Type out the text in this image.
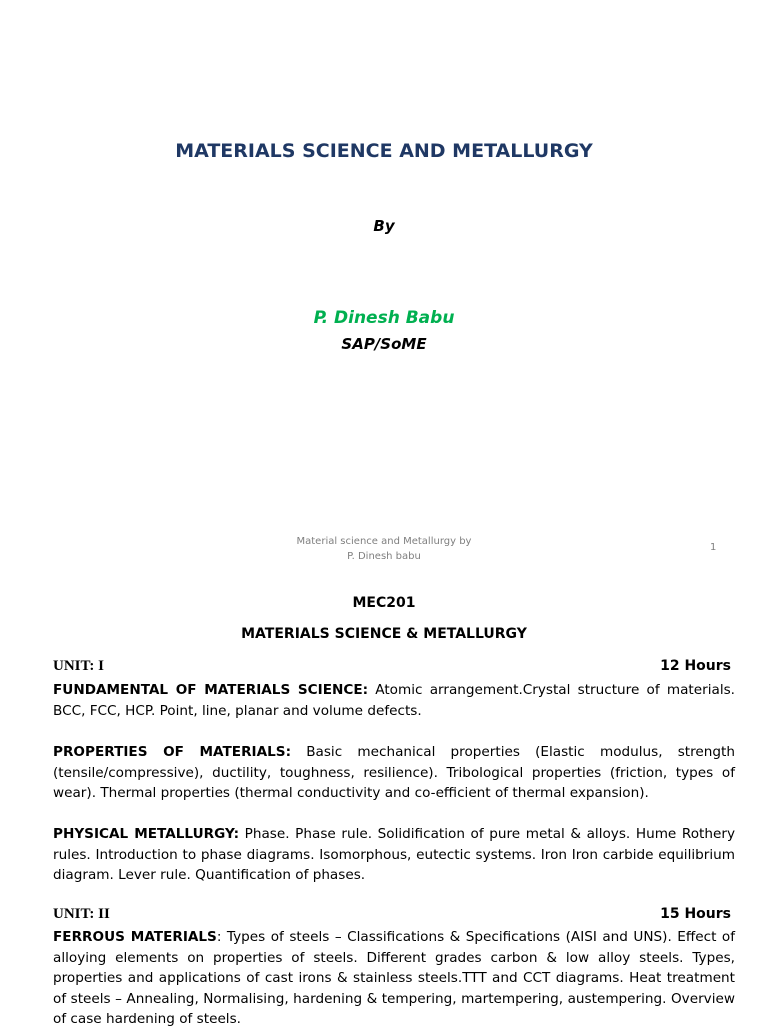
MATERIALS SCIENCE AND METALLURGY
By
P. Dinesh Babu
SAP/SoME
Material science and Metallurgy by
P. Dinesh babu
1
MEC201
MATERIALS SCIENCE & METALLURGY
UNIT: I	12 Hours

FUNDAMENTAL OF MATERIALS SCIENCE: Atomic arrangement.Crystal structure of materials. BCC, FCC, HCP. Point, line, planar and volume defects.

PROPERTIES OF MATERIALS: Basic mechanical properties (Elastic modulus, strength (tensile/compressive), ductility, toughness, resilience). Tribological properties (friction, types of wear). Thermal properties (thermal conductivity and co-efficient of thermal expansion).

PHYSICAL METALLURGY: Phase. Phase rule. Solidification of pure metal & alloys. Hume Rothery rules. Introduction to phase diagrams. Isomorphous, eutectic systems. Iron Iron carbide equilibrium diagram. Lever rule. Quantification of phases.

UNIT: II	15 Hours

FERROUS MATERIALS: Types of steels – Classifications & Specifications (AISI and UNS). Effect of alloying elements on properties of steels. Different grades carbon & low alloy steels. Types, properties and applications of cast irons & stainless steels.TTT and CCT diagrams. Heat treatment of steels – Annealing, Normalising, hardening & tempering, martempering, austempering. Overview of case hardening of steels.
